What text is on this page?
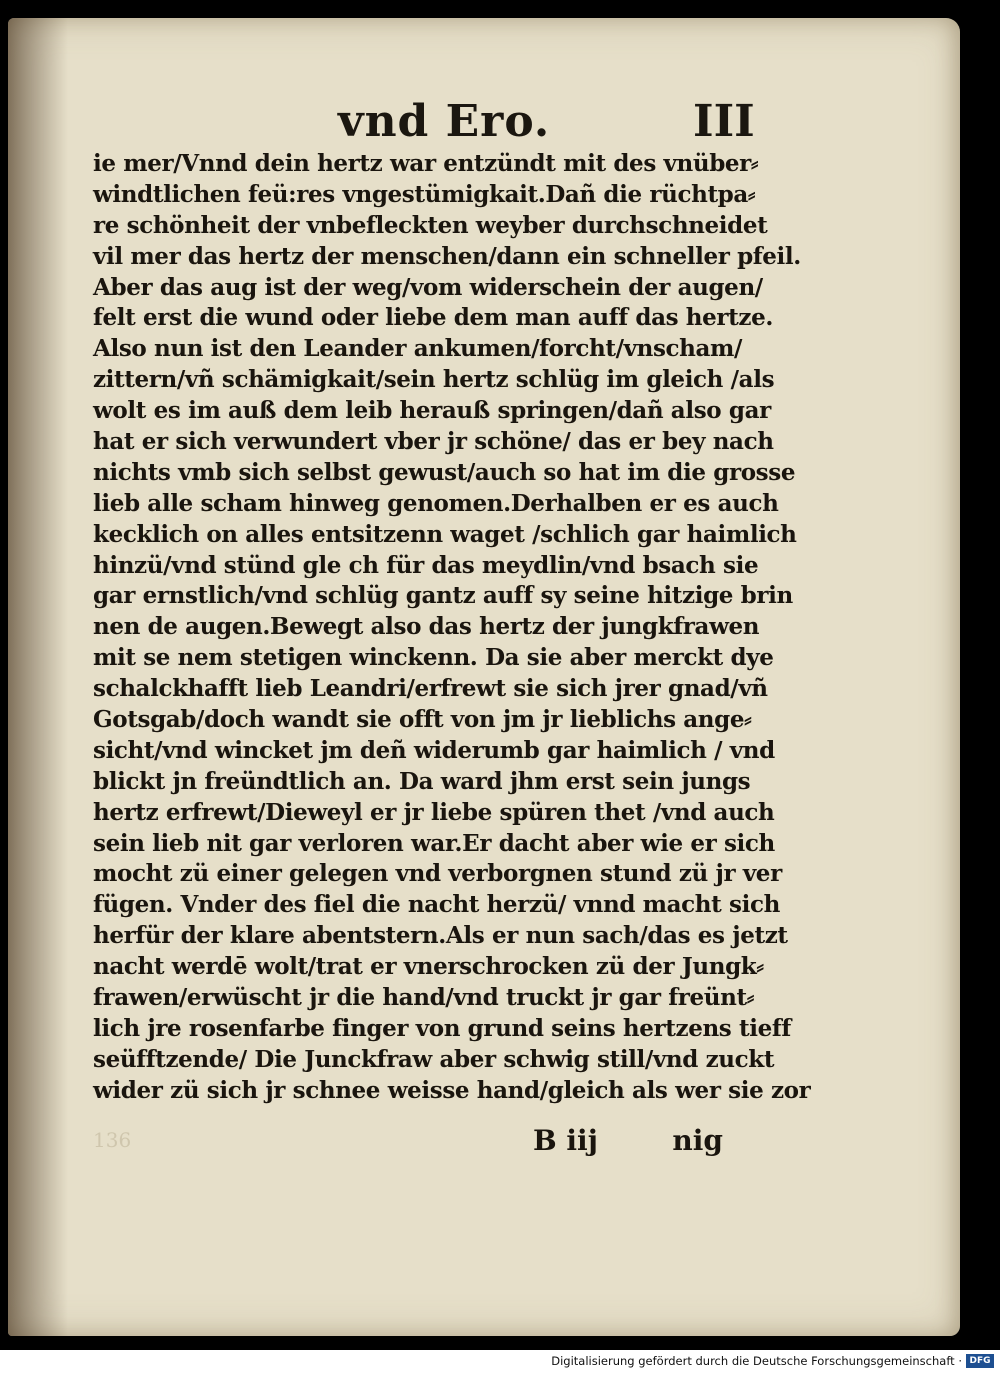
vnd Ero.	III
ie mer/Vnnd dein hertz war entzündt mit des vnüber⸗
windtlichen feü:res vngestümigkait.Dañ die rüchtpa⸗
re schönheit der vnbefleckten weyber durchschneidet
vil mer das hertz der menschen/dann ein schneller pfeil.
Aber das aug ist der weg/vom widerschein der augen/
felt erst die wund oder liebe dem man auff das hertze.
Also nun ist den Leander ankumen/forcht/vnscham/
zittern/vñ schämigkait/sein hertz schlüg im gleich /als
wolt es im auß dem leib herauß springen/dañ also gar
hat er sich verwundert vber jr schöne/ das er bey nach
nichts vmb sich selbst gewust/auch so hat im die grosse
lieb alle scham hinweg genomen.Derhalben er es auch
kecklich on alles entsitzenn waget /schlich gar haimlich
hinzü/vnd stünd gle ch für das meydlin/vnd bsach sie
gar ernstlich/vnd schlüg gantz auff sy seine hitzige brin
nen de augen.Bewegt also das hertz der jungkfrawen
mit se nem stetigen winckenn. Da sie aber merckt dye
schalckhafft lieb Leandri/erfrewt sie sich jrer gnad/vñ
Gotsgab/doch wandt sie offt von jm jr lieblichs ange⸗
sicht/vnd wincket jm deñ widerumb gar haimlich / vnd
blickt jn freündtlich an. Da ward jhm erst sein jungs
hertz erfrewt/Dieweyl er jr liebe spüren thet /vnd auch
sein lieb nit gar verloren war.Er dacht aber wie er sich
mocht zü einer gelegen vnd verborgnen stund zü jr ver
fügen. Vnder des fiel die nacht herzü/ vnnd macht sich
herfür der klare abentstern.Als er nun sach/das es jetzt
nacht werdē wolt/trat er vnerschrocken zü der Jungk⸗
frawen/erwüscht jr die hand/vnd truckt jr gar freünt⸗
lich jre rosenfarbe finger von grund seins hertzens tieff
seüfftzende/ Die Junckfraw aber schwig still/vnd zuckt
wider zü sich jr schnee weisse hand/gleich als wer sie zor
136	B iij	nig
Digitalisierung gefördert durch die Deutsche Forschungsgemeinschaft · DFG
